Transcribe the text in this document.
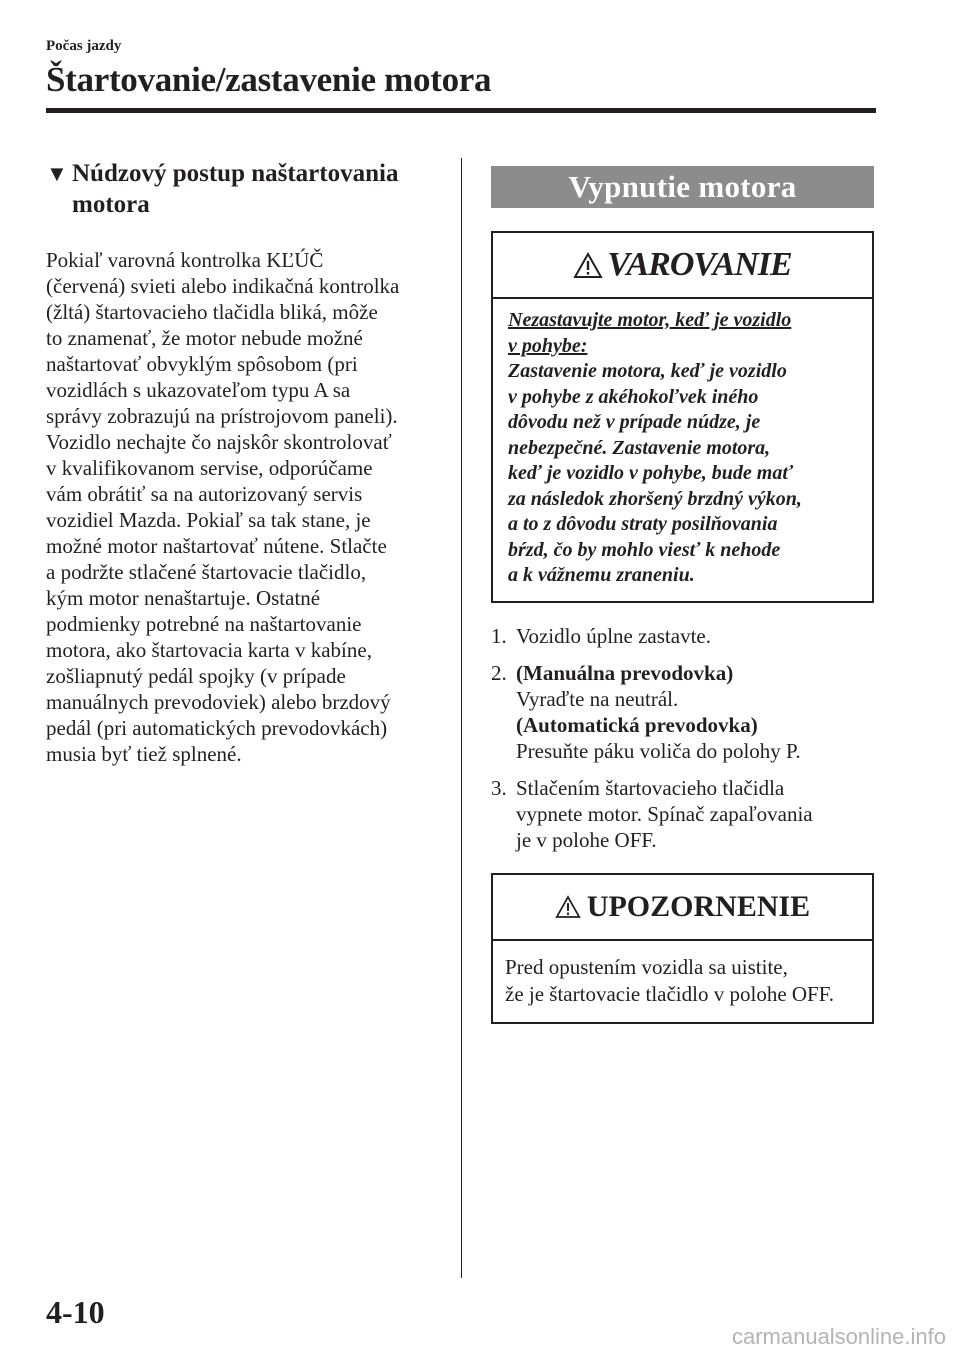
Počas jazdy
Štartovanie/zastavenie motora
▼ Núdzový postup naštartovania
motora
Pokiaľ varovná kontrolka KĽÚČ
(červená) svieti alebo indikačná kontrolka
(žltá) štartovacieho tlačidla bliká, môže
to znamenať, že motor nebude možné
naštartovať obvyklým spôsobom (pri
vozidlách s ukazovateľom typu A sa
správy zobrazujú na prístrojovom paneli).
Vozidlo nechajte čo najskôr skontrolovať
v kvalifikovanom servise, odporúčame
vám obrátiť sa na autorizovaný servis
vozidiel Mazda. Pokiaľ sa tak stane, je
možné motor naštartovať nútene. Stlačte
a podržte stlačené štartovacie tlačidlo,
kým motor nenaštartuje. Ostatné
podmienky potrebné na naštartovanie
motora, ako štartovacia karta v kabíne,
zošliapnutý pedál spojky (v prípade
manuálnych prevodoviek) alebo brzdový
pedál (pri automatických prevodovkách)
musia byť tiež splnené.
Vypnutie motora
VAROVANIE
Nezastavujte motor, keď je vozidlo
v pohybe:
Zastavenie motora, keď je vozidlo
v pohybe z akéhokoľvek iného
dôvodu než v prípade núdze, je
nebezpečné. Zastavenie motora,
keď je vozidlo v pohybe, bude mať
za následok zhoršený brzdný výkon,
a to z dôvodu straty posilňovania
bŕzd, čo by mohlo viesť k nehode
a k vážnemu zraneniu.
1. Vozidlo úplne zastavte.
2. (Manuálna prevodovka)
Vyraďte na neutrál.
(Automatická prevodovka)
Presuňte páku voliča do polohy P.
3. Stlačením štartovacieho tlačidla
vypnete motor. Spínač zapaľovania
je v polohe OFF.
UPOZORNENIE
Pred opustením vozidla sa uistite,
že je štartovacie tlačidlo v polohe OFF.
4-10
carmanualsonline.info
